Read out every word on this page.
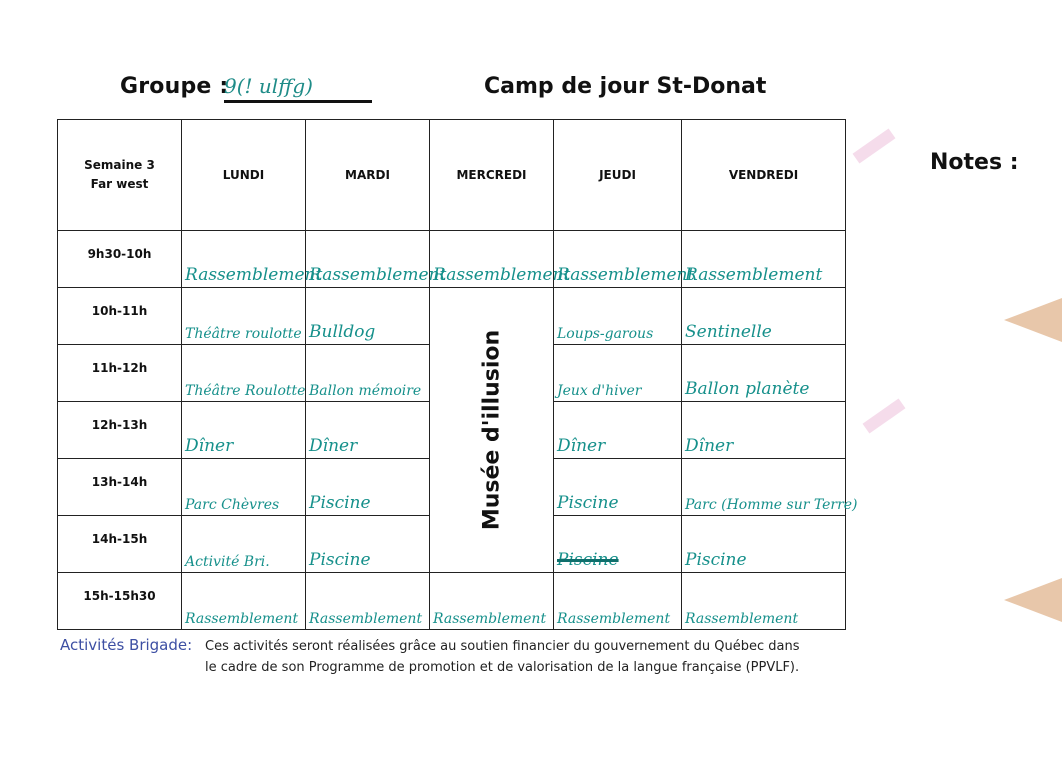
Groupe :
9(! ulffg)	Camp de jour St-Donat
Notes :
Semaine 3
Far west	LUNDI	MARDI	MERCREDI	JEUDI	VENDREDI	
9h30-10h	Rassemblement	Rassemblement	Rassemblement	Rassemblement	Rassemblement	
10h-11h	Théâtre roulotte	Bulldog	Musée d'illusion	Loups-garous	Sentinelle	
11h-12h	Théâtre Roulotte	Ballon mémoire		Jeux d'hiver	Ballon planète	
12h-13h	Dîner	Dîner		Dîner	Dîner	
13h-14h	Parc Chèvres	Piscine		Piscine	Parc (Homme sur Terre)	
14h-15h	Activité Bri.	Piscine		Piscine	Piscine	
15h-15h30	Rassemblement	Rassemblement	Rassemblement	Rassemblement	Rassemblement	
Activités Brigade: Ces activités seront réalisées grâce au soutien financier du gouvernement du Québec dans
le cadre de son Programme de promotion et de valorisation de la langue française (PPVLF).
